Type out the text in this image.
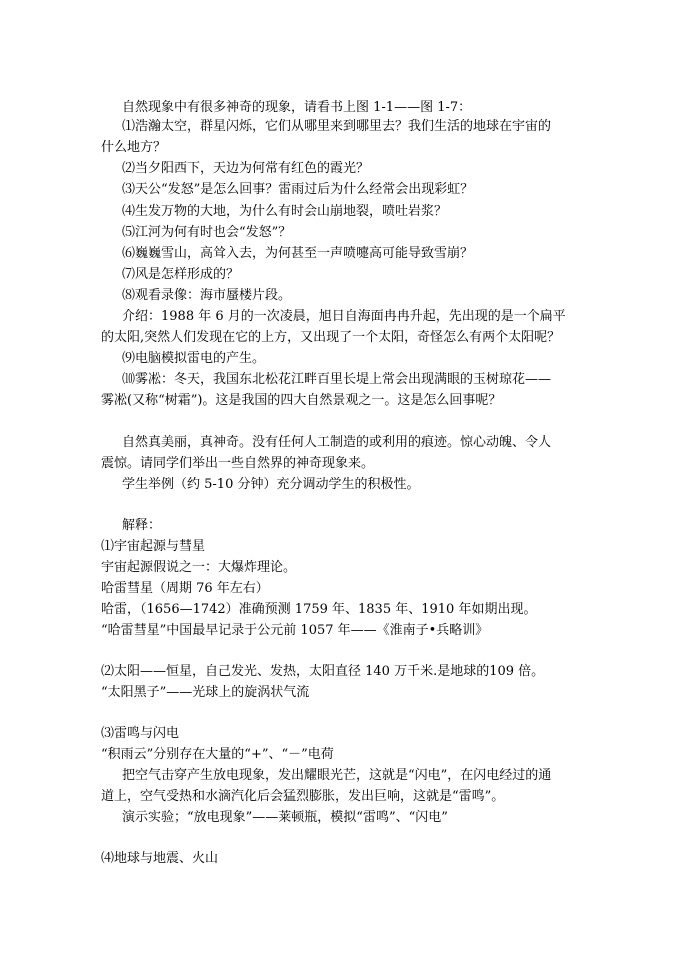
自然现象中有很多神奇的现象，请看书上图 1-1——图 1-7：
⑴浩瀚太空，群星闪烁，它们从哪里来到哪里去？我们生活的地球在宇宙的
什么地方？
⑵当夕阳西下，天边为何常有红色的霞光？
⑶天公“发怒”是怎么回事？雷雨过后为什么经常会出现彩虹？
⑷生发万物的大地，为什么有时会山崩地裂，喷吐岩浆？
⑸江河为何有时也会“发怒”？
⑹巍巍雪山，高耸入去，为何甚至一声喷嚏高可能导致雪崩？
⑺风是怎样形成的？
⑻观看录像：海市蜃楼片段。
介绍：1988 年 6 月的一次凌晨，旭日自海面冉冉升起，先出现的是一个扁平
的太阳,突然人们发现在它的上方，又出现了一个太阳，奇怪怎么有两个太阳呢？
⑼电脑模拟雷电的产生。
⑽雾凇：冬天，我国东北松花江畔百里长堤上常会出现满眼的玉树琼花——
雾凇(又称“树霜”)。这是我国的四大自然景观之一。这是怎么回事呢？
自然真美丽，真神奇。没有任何人工制造的或利用的痕迹。惊心动魄、令人
震惊。请同学们举出一些自然界的神奇现象来。
学生举例（约 5-10 分钟）充分调动学生的积极性。
解释：
⑴宇宙起源与彗星
宇宙起源假说之一：大爆炸理论。
哈雷彗星（周期 76 年左右）
哈雷，（1656—1742）准确预测 1759 年、1835 年、1910 年如期出现。
“哈雷彗星”中国最早记录于公元前 1057 年——《淮南子•兵略训》
⑵太阳——恒星，自己发光、发热，太阳直径 140 万千米.是地球的109 倍。
“太阳黑子”——光球上的旋涡状气流
⑶雷鸣与闪电
“积雨云”分别存在大量的“+”、“－”电荷
把空气击穿产生放电现象，发出耀眼光芒，这就是“闪电”，在闪电经过的通
道上，空气受热和水滴汽化后会猛烈膨胀，发出巨响，这就是“雷鸣”。
演示实验；“放电现象”——莱顿瓶，模拟“雷鸣”、“闪电”
⑷地球与地震、火山
